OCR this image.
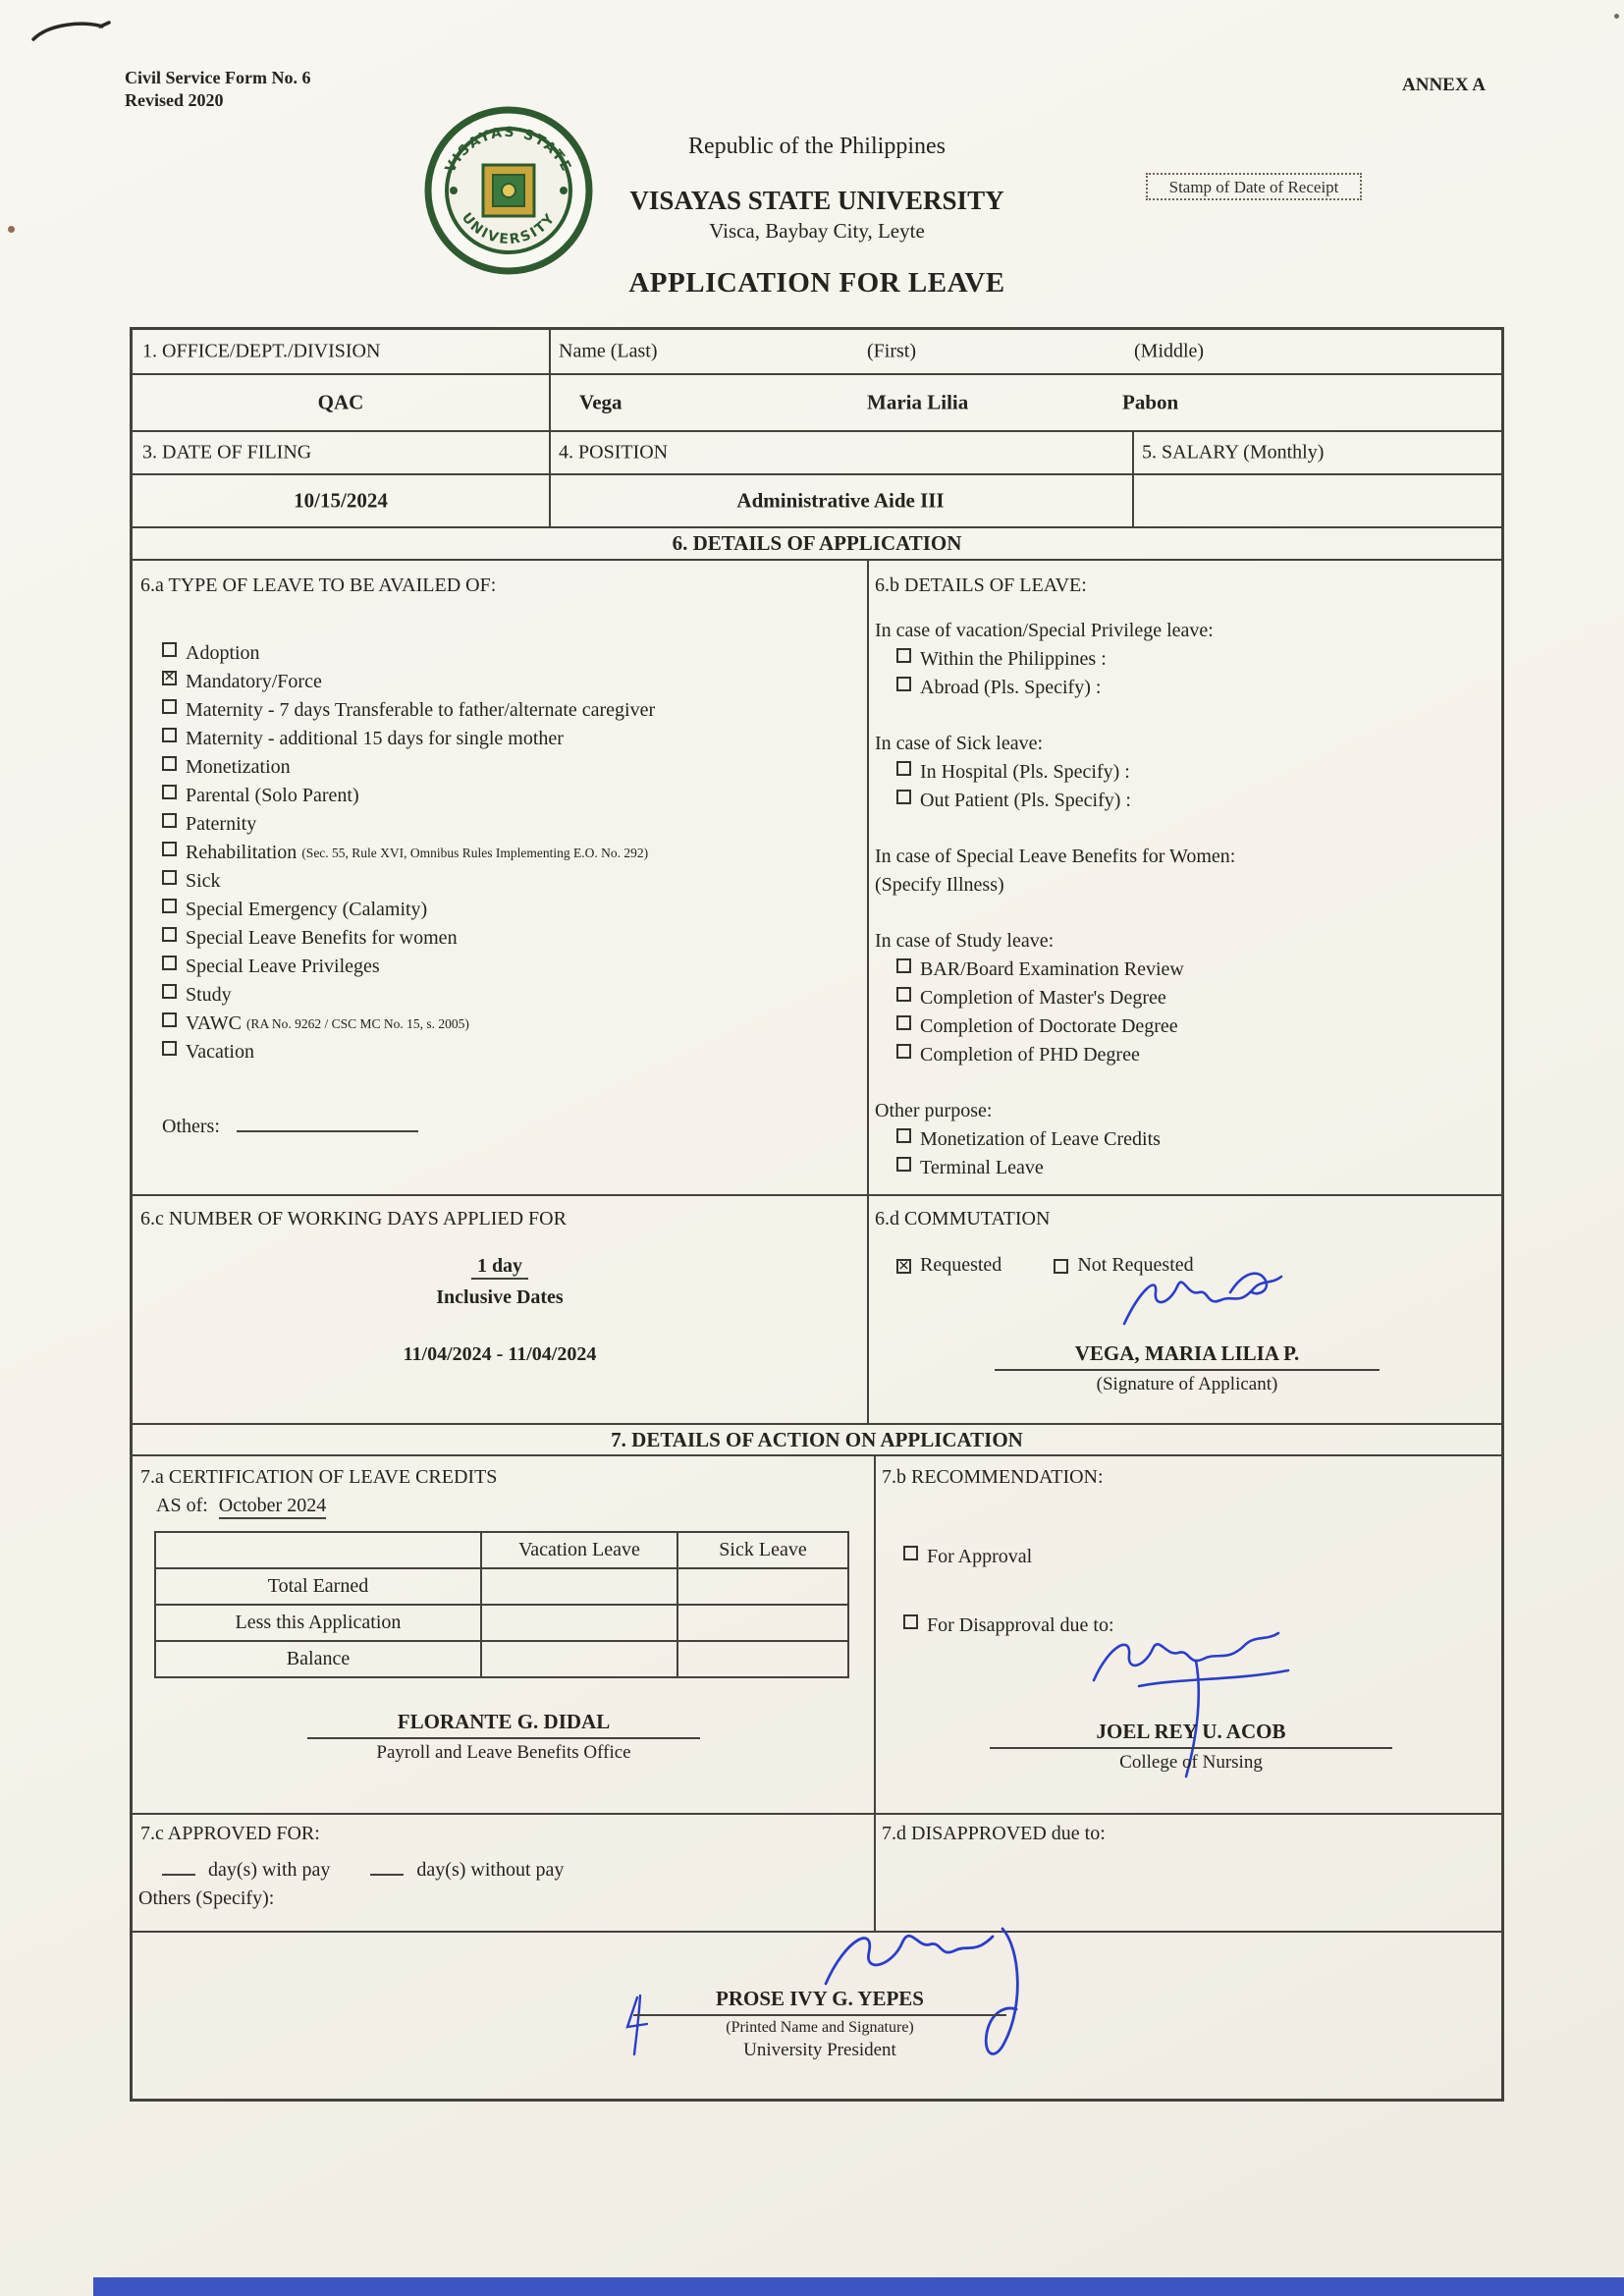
Civil Service Form No. 6
Revised 2020
ANNEX A
VISAYAS STATE
UNIVERSITY
Republic of the Philippines
VISAYAS STATE UNIVERSITY
Visca, Baybay City, Leyte
Stamp of Date of Receipt
APPLICATION FOR LEAVE
1. OFFICE/DEPT./DIVISION	Name (Last)	(First)	(Middle)
QAC	Vega	Maria Lilia	Pabon
3. DATE OF FILING	4. POSITION	5. SALARY (Monthly)
10/15/2024	Administrative Aide III
6. DETAILS OF APPLICATION
6.a TYPE OF LEAVE TO BE AVAILED OF:
Adoption
✕
Mandatory/Force
Maternity - 7 days Transferable to father/alternate caregiver
Maternity - additional 15 days for single mother
Monetization
Parental (Solo Parent)
Paternity
Rehabilitation (Sec. 55, Rule XVI, Omnibus Rules Implementing E.O. No. 292)
Sick
Special Emergency (Calamity)
Special Leave Benefits for women
Special Leave Privileges
Study
VAWC (RA No. 9262 / CSC MC No. 15, s. 2005)
Vacation
Others:
6.b DETAILS OF LEAVE:
In case of vacation/Special Privilege leave:
Within the Philippines :
Abroad (Pls. Specify) :
In case of Sick leave:
In Hospital (Pls. Specify) :
Out Patient (Pls. Specify) :
In case of Special Leave Benefits for Women:
(Specify Illness)
In case of Study leave:
BAR/Board Examination Review
Completion of Master's Degree
Completion of Doctorate Degree
Completion of PHD Degree
Other purpose:
Monetization of Leave Credits
Terminal Leave
6.c NUMBER OF WORKING DAYS APPLIED FOR
1 day
Inclusive Dates
11/04/2024 - 11/04/2024
6.d COMMUTATION
✕Requested	Not Requested
VEGA, MARIA LILIA P.
(Signature of Applicant)
7. DETAILS OF ACTION ON APPLICATION
7.a CERTIFICATION OF LEAVE CREDITS
AS of: October 2024
	Vacation Leave	Sick Leave
Total Earned		
Less this Application		
Balance		
FLORANTE G. DIDAL
Payroll and Leave Benefits Office
7.b RECOMMENDATION:
For Approval
For Disapproval due to:
JOEL REY U. ACOB
College of Nursing
7.c APPROVED FOR:
day(s) with pay	day(s) without pay
Others (Specify):
7.d DISAPPROVED due to:
PROSE IVY G. YEPES
(Printed Name and Signature)
University President
